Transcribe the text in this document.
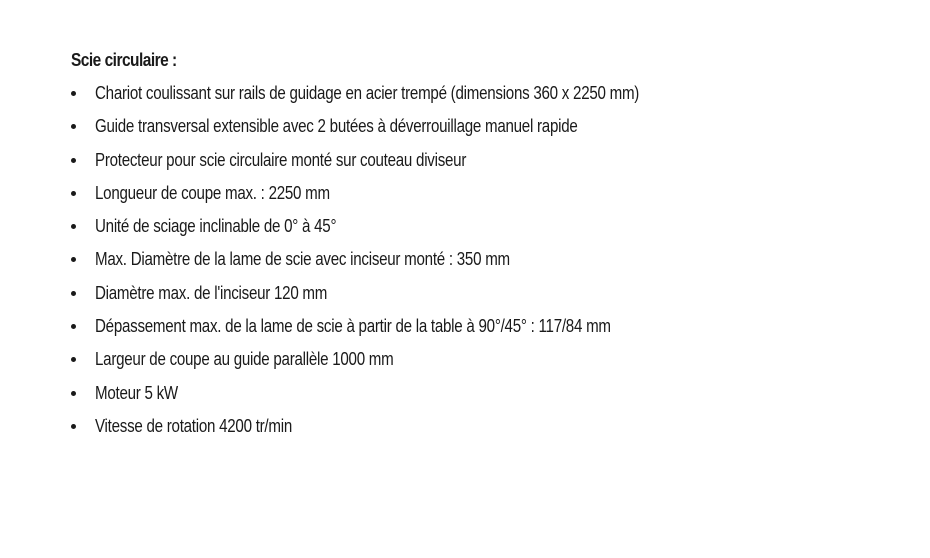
Scie circulaire :
Chariot coulissant sur rails de guidage en acier trempé (dimensions 360 x 2250 mm)
Guide transversal extensible avec 2 butées à déverrouillage manuel rapide
Protecteur pour scie circulaire monté sur couteau diviseur
Longueur de coupe max. : 2250 mm
Unité de sciage inclinable de 0° à 45°
Max. Diamètre de la lame de scie avec inciseur monté : 350 mm
Diamètre max. de l'inciseur 120 mm
Dépassement max. de la lame de scie à partir de la table à 90°/45° : 117/84 mm
Largeur de coupe au guide parallèle 1000 mm
Moteur 5 kW
Vitesse de rotation 4200 tr/min
